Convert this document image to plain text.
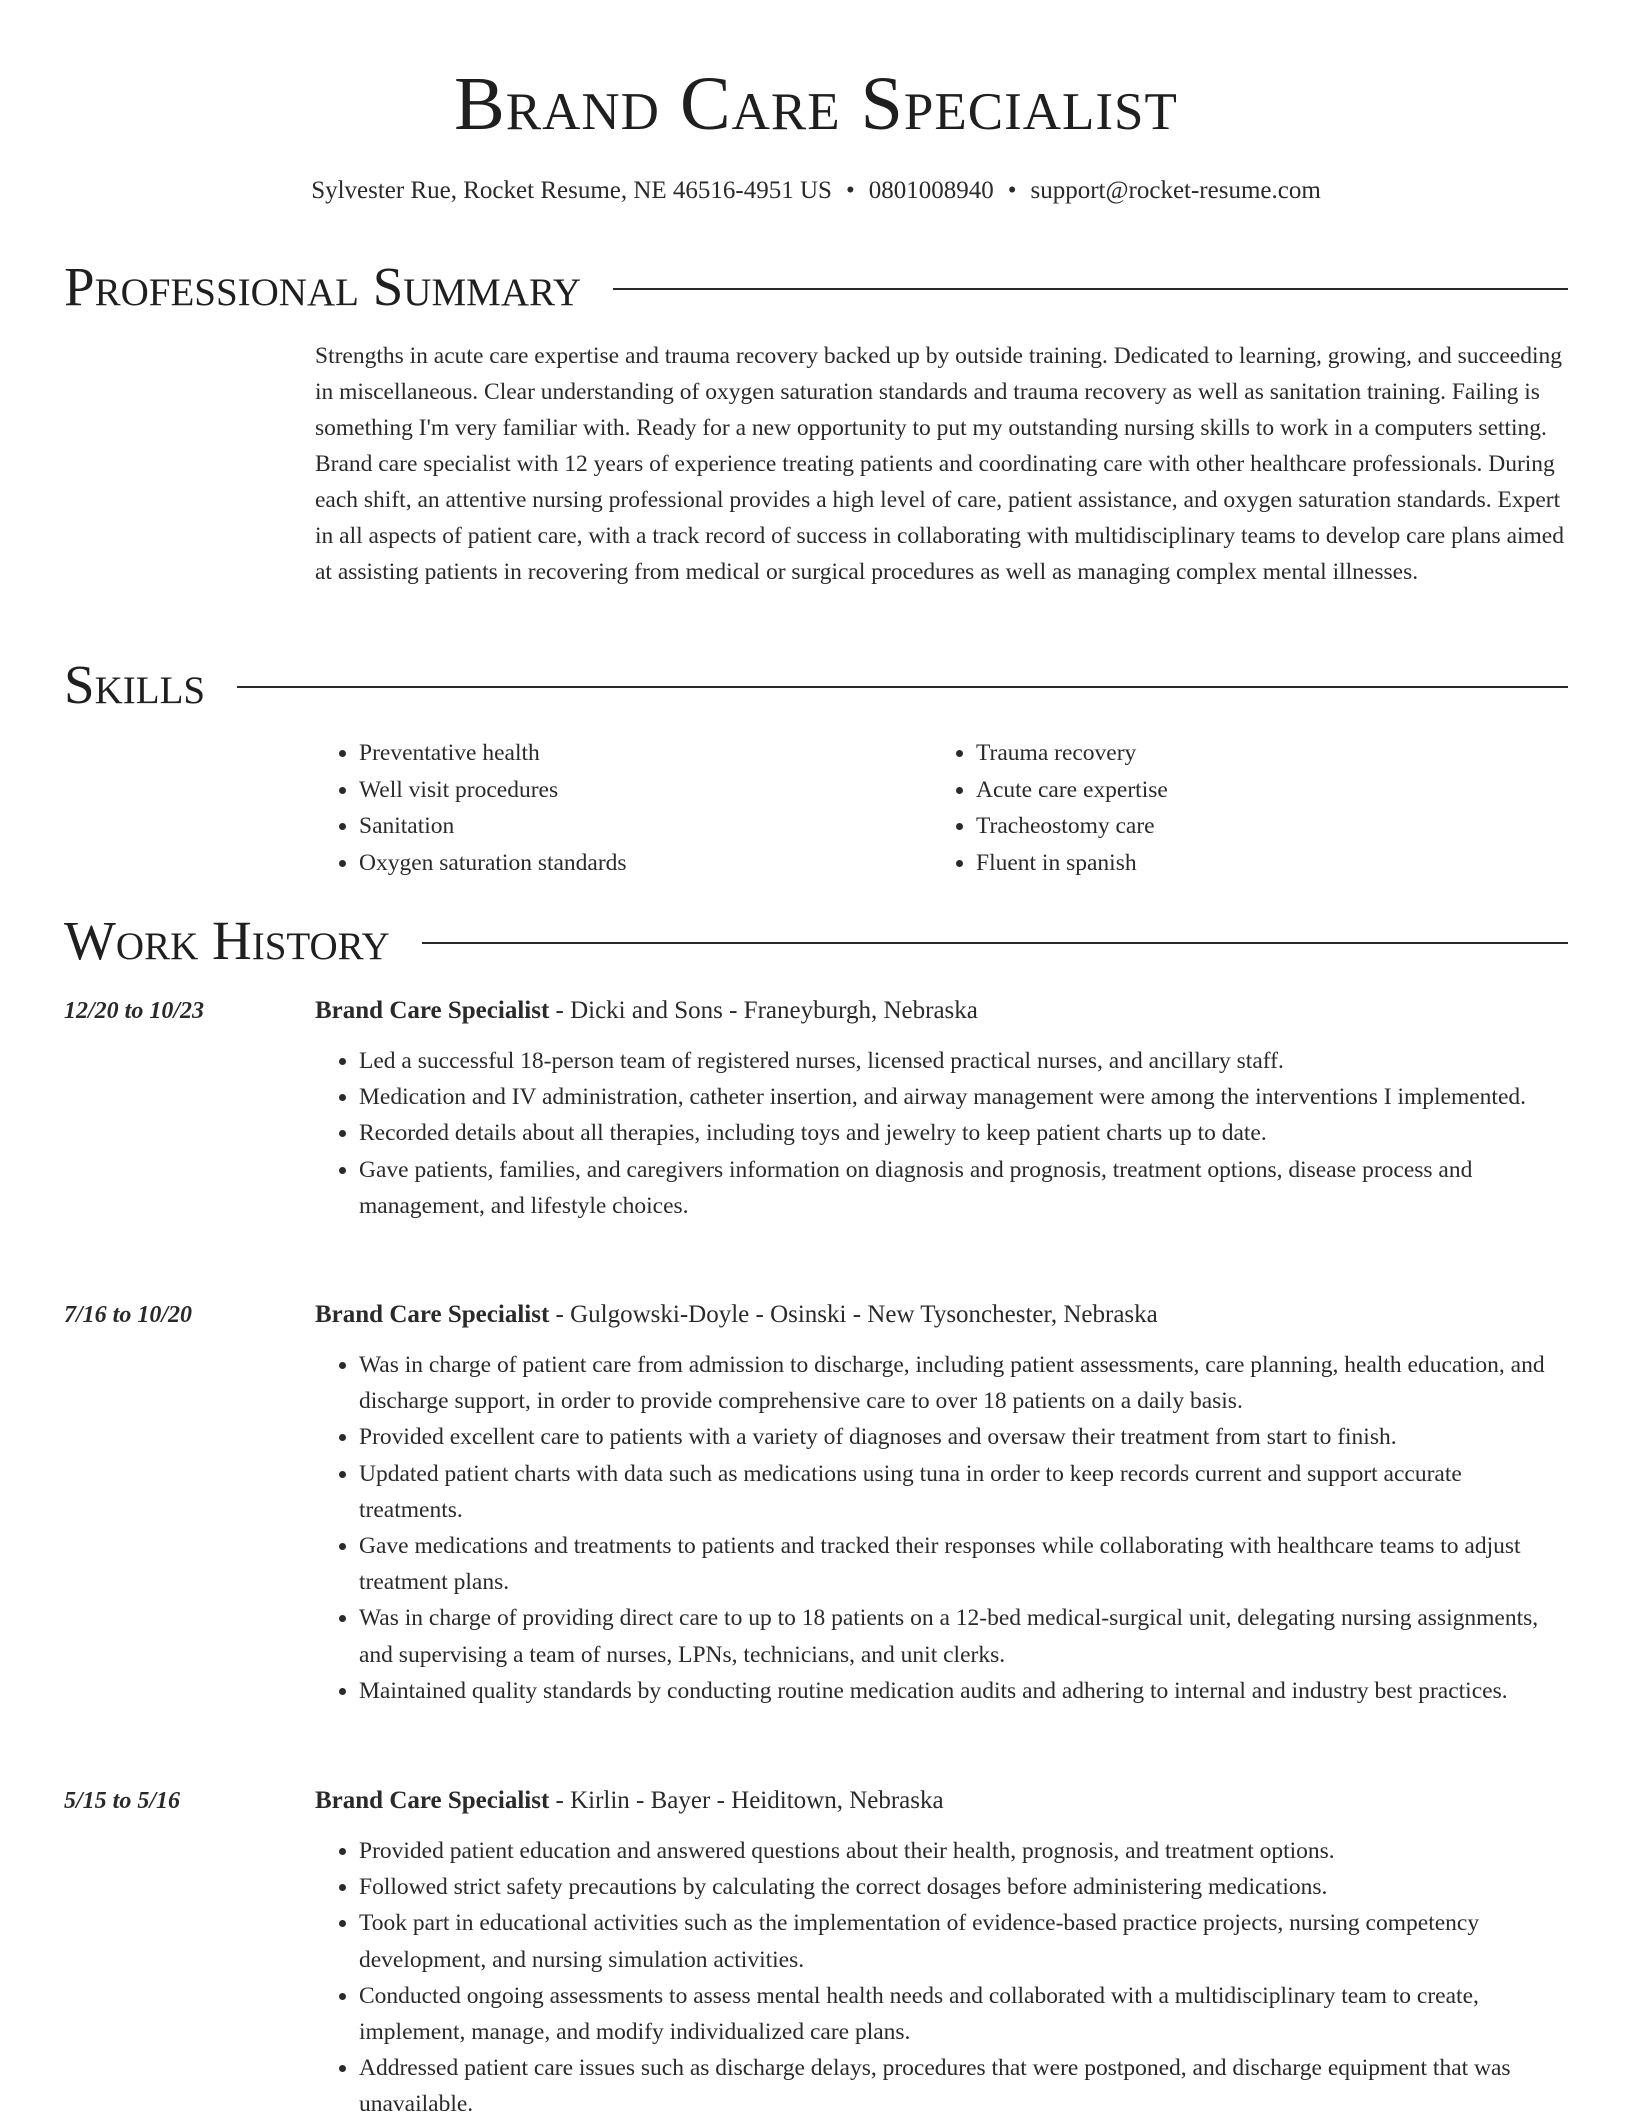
Brand Care Specialist
Sylvester Rue, Rocket Resume, NE 46516-4951 US • 0801008940 • support@rocket-resume.com
Professional Summary

Strengths in acute care expertise and trauma recovery backed up by outside training. Dedicated to learning, growing, and succeeding in miscellaneous. Clear understanding of oxygen saturation standards and trauma recovery as well as sanitation training. Failing is something I'm very familiar with. Ready for a new opportunity to put my outstanding nursing skills to work in a computers setting. Brand care specialist with 12 years of experience treating patients and coordinating care with other healthcare professionals. During each shift, an attentive nursing professional provides a high level of care, patient assistance, and oxygen saturation standards. Expert in all aspects of patient care, with a track record of success in collaborating with multidisciplinary teams to develop care plans aimed at assisting patients in recovering from medical or surgical procedures as well as managing complex mental illnesses.

Skills
• Preventative health
• Well visit procedures
• Sanitation
• Oxygen saturation standards
• Trauma recovery
• Acute care expertise
• Tracheostomy care
• Fluent in spanish
Work History
12/20 to 10/23	Brand Care Specialist - Dicki and Sons - Franeyburgh, Nebraska
• Led a successful 18-person team of registered nurses, licensed practical nurses, and ancillary staff.
• Medication and IV administration, catheter insertion, and airway management were among the interventions I implemented.
• Recorded details about all therapies, including toys and jewelry to keep patient charts up to date.
• Gave patients, families, and caregivers information on diagnosis and prognosis, treatment options, disease process and management, and lifestyle choices.
7/16 to 10/20	Brand Care Specialist - Gulgowski-Doyle - Osinski - New Tysonchester, Nebraska
• Was in charge of patient care from admission to discharge, including patient assessments, care planning, health education, and discharge support, in order to provide comprehensive care to over 18 patients on a daily basis.
• Provided excellent care to patients with a variety of diagnoses and oversaw their treatment from start to finish.
• Updated patient charts with data such as medications using tuna in order to keep records current and support accurate treatments.
• Gave medications and treatments to patients and tracked their responses while collaborating with healthcare teams to adjust treatment plans.
• Was in charge of providing direct care to up to 18 patients on a 12-bed medical-surgical unit, delegating nursing assignments, and supervising a team of nurses, LPNs, technicians, and unit clerks.
• Maintained quality standards by conducting routine medication audits and adhering to internal and industry best practices.
5/15 to 5/16	Brand Care Specialist - Kirlin - Bayer - Heiditown, Nebraska
• Provided patient education and answered questions about their health, prognosis, and treatment options.
• Followed strict safety precautions by calculating the correct dosages before administering medications.
• Took part in educational activities such as the implementation of evidence-based practice projects, nursing competency development, and nursing simulation activities.
• Conducted ongoing assessments to assess mental health needs and collaborated with a multidisciplinary team to create, implement, manage, and modify individualized care plans.
• Addressed patient care issues such as discharge delays, procedures that were postponed, and discharge equipment that was unavailable.
